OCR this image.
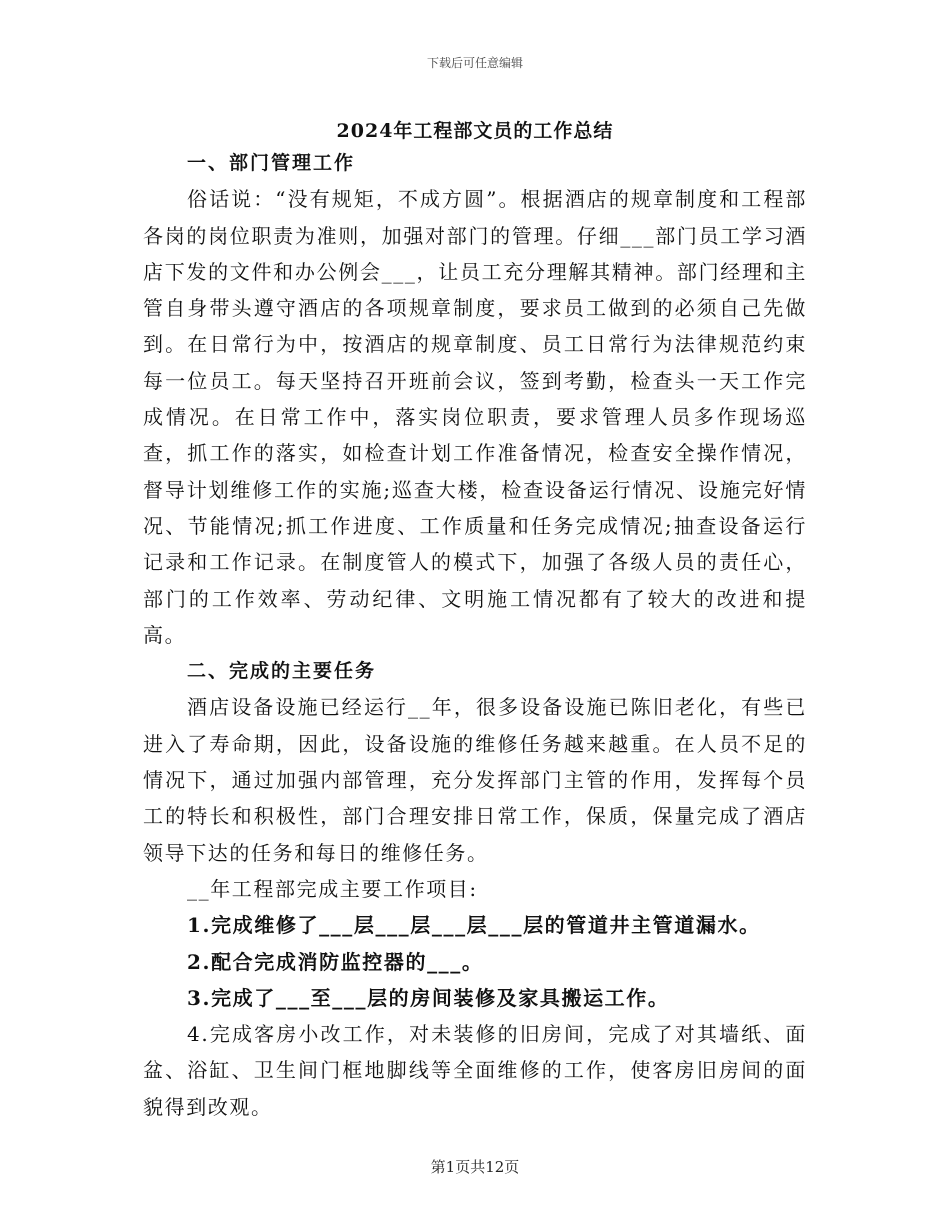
下载后可任意编辑
2024年工程部文员的工作总结

一、部门管理工作

俗话说：“没有规矩，不成方圆”。根据酒店的规章制度和工程部各岗的岗位职责为准则，加强对部门的管理。仔细___部门员工学习酒店下发的文件和办公例会___，让员工充分理解其精神。部门经理和主管自身带头遵守酒店的各项规章制度，要求员工做到的必须自己先做到。在日常行为中，按酒店的规章制度、员工日常行为法律规范约束每一位员工。每天坚持召开班前会议，签到考勤，检查头一天工作完成情况。在日常工作中，落实岗位职责，要求管理人员多作现场巡查，抓工作的落实，如检查计划工作准备情况，检查安全操作情况，督导计划维修工作的实施;巡查大楼，检查设备运行情况、设施完好情况、节能情况;抓工作进度、工作质量和任务完成情况;抽查设备运行记录和工作记录。在制度管人的模式下，加强了各级人员的责任心，部门的工作效率、劳动纪律、文明施工情况都有了较大的改进和提高。

二、完成的主要任务

酒店设备设施已经运行__年，很多设备设施已陈旧老化，有些已进入了寿命期，因此，设备设施的维修任务越来越重。在人员不足的情况下，通过加强内部管理，充分发挥部门主管的作用，发挥每个员工的特长和积极性，部门合理安排日常工作，保质，保量完成了酒店领导下达的任务和每日的维修任务。

__年工程部完成主要工作项目:

1.完成维修了___层___层___层___层的管道井主管道漏水。

2.配合完成消防监控器的___。

3.完成了___至___层的房间装修及家具搬运工作。

4.完成客房小改工作，对未装修的旧房间，完成了对其墙纸、面盆、浴缸、卫生间门框地脚线等全面维修的工作，使客房旧房间的面貌得到改观。

第1页共12页
